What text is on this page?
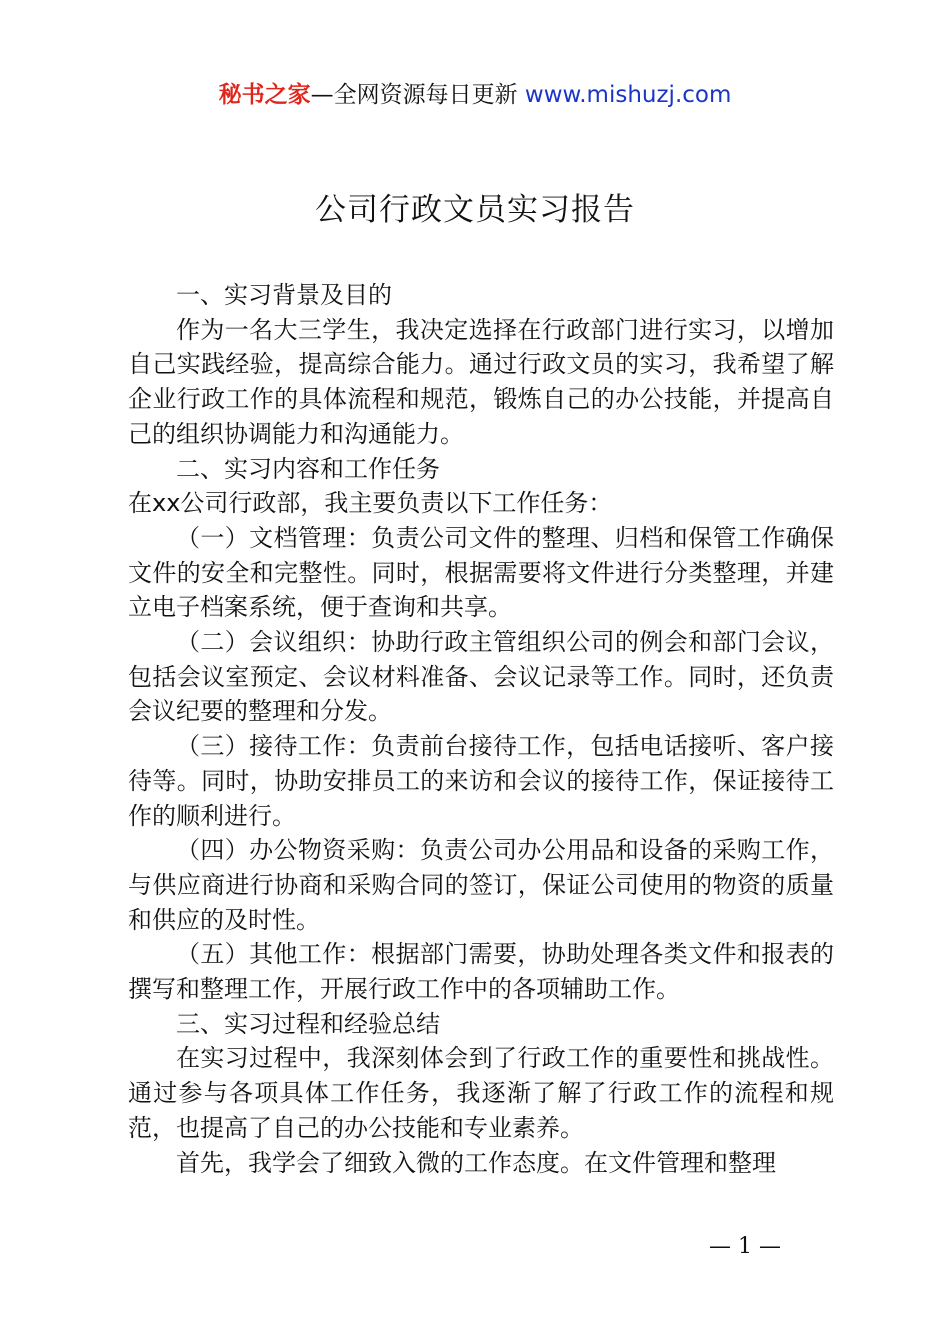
秘书之家—全网资源每日更新 www.mishuzj.com
公司行政文员实习报告

一、实习背景及目的

作为一名大三学生，我决定选择在行政部门进行实习，以增加自己实践经验，提高综合能力。通过行政文员的实习，我希望了解企业行政工作的具体流程和规范，锻炼自己的办公技能，并提高自己的组织协调能力和沟通能力。

二、实习内容和工作任务

在xx公司行政部，我主要负责以下工作任务：

（一）文档管理：负责公司文件的整理、归档和保管工作确保文件的安全和完整性。同时，根据需要将文件进行分类整理，并建立电子档案系统，便于查询和共享。

（二）会议组织：协助行政主管组织公司的例会和部门会议，包括会议室预定、会议材料准备、会议记录等工作。同时，还负责会议纪要的整理和分发。

（三）接待工作：负责前台接待工作，包括电话接听、客户接待等。同时，协助安排员工的来访和会议的接待工作，保证接待工作的顺利进行。

（四）办公物资采购：负责公司办公用品和设备的采购工作，与供应商进行协商和采购合同的签订，保证公司使用的物资的质量和供应的及时性。

（五）其他工作：根据部门需要，协助处理各类文件和报表的撰写和整理工作，开展行政工作中的各项辅助工作。

三、实习过程和经验总结

在实习过程中，我深刻体会到了行政工作的重要性和挑战性。通过参与各项具体工作任务，我逐渐了解了行政工作的流程和规范，也提高了自己的办公技能和专业素养。

首先，我学会了细致入微的工作态度。在文件管理和整理

— 1 —
